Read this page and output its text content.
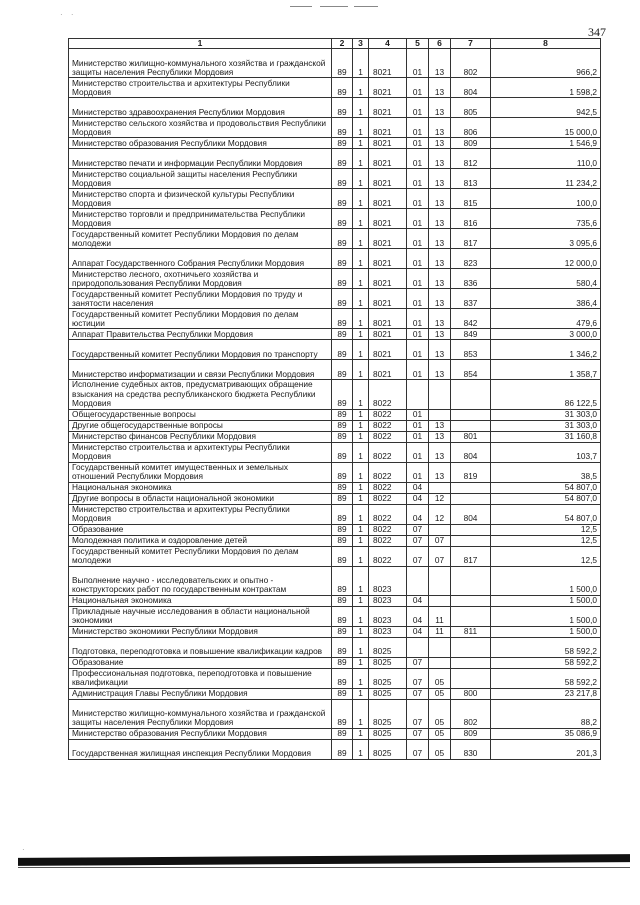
· ·
347
1	2	3	4	5	6	7	8
Министерство жилищно-коммунального хозяйства и гражданской защиты населения Республики Мордовия	89	1	8021	01	13	802	966,2
Министерство строительства и архитектуры Республики Мордовия	89	1	8021	01	13	804	1 598,2
Министерство здравоохранения Республики Мордовия	89	1	8021	01	13	805	942,5
Министерство сельского хозяйства и продовольствия Республики Мордовия	89	1	8021	01	13	806	15 000,0
Министерство образования Республики Мордовия	89	1	8021	01	13	809	1 546,9
Министерство печати и информации Республики Мордовия	89	1	8021	01	13	812	110,0
Министерство социальной защиты населения Республики Мордовия	89	1	8021	01	13	813	11 234,2
Министерство спорта и физической культуры Республики Мордовия	89	1	8021	01	13	815	100,0
Министерство торговли и предпринимательства Республики Мордовия	89	1	8021	01	13	816	735,6
Государственный комитет Республики Мордовия по делам молодежи	89	1	8021	01	13	817	3 095,6
Аппарат Государственного Собрания Республики Мордовия	89	1	8021	01	13	823	12 000,0
Министерство лесного, охотничьего хозяйства и природопользования Республики Мордовия	89	1	8021	01	13	836	580,4
Государственный комитет Республики Мордовия по труду и занятости населения	89	1	8021	01	13	837	386,4
Государственный комитет Республики Мордовия по делам юстиции	89	1	8021	01	13	842	479,6
Аппарат Правительства Республики Мордовия	89	1	8021	01	13	849	3 000,0
Государственный комитет Республики Мордовия по транспорту	89	1	8021	01	13	853	1 346,2
Министерство информатизации и связи Республики Мордовия	89	1	8021	01	13	854	1 358,7
Исполнение судебных актов, предусматривающих обращение взыскания на средства республиканского бюджета Республики Мордовия	89	1	8022				86 122,5
Общегосударственные вопросы	89	1	8022	01			31 303,0
Другие общегосударственные вопросы	89	1	8022	01	13		31 303,0
Министерство финансов Республики Мордовия	89	1	8022	01	13	801	31 160,8
Министерство строительства и архитектуры Республики Мордовия	89	1	8022	01	13	804	103,7
Государственный комитет имущественных и земельных отношений Республики Мордовия	89	1	8022	01	13	819	38,5
Национальная экономика	89	1	8022	04			54 807,0
Другие вопросы в области национальной экономики	89	1	8022	04	12		54 807,0
Министерство строительства и архитектуры Республики Мордовия	89	1	8022	04	12	804	54 807,0
Образование	89	1	8022	07			12,5
Молодежная политика и оздоровление детей	89	1	8022	07	07		12,5
Государственный комитет Республики Мордовия по делам молодежи	89	1	8022	07	07	817	12,5
Выполнение научно - исследовательских и опытно - конструкторских работ по государственным контрактам	89	1	8023				1 500,0
Национальная экономика	89	1	8023	04			1 500,0
Прикладные научные исследования в области национальной экономики	89	1	8023	04	11		1 500,0
Министерство экономики Республики Мордовия	89	1	8023	04	11	811	1 500,0
Подготовка, переподготовка и повышение квалификации кадров	89	1	8025				58 592,2
Образование	89	1	8025	07			58 592,2
Профессиональная подготовка, переподготовка и повышение квалификации	89	1	8025	07	05		58 592,2
Администрация Главы Республики Мордовия	89	1	8025	07	05	800	23 217,8
Министерство жилищно-коммунального хозяйства и гражданской защиты населения Республики Мордовия	89	1	8025	07	05	802	88,2
Министерство образования Республики Мордовия	89	1	8025	07	05	809	35 086,9
Государственная жилищная инспекция Республики Мордовия	89	1	8025	07	05	830	201,3
·
